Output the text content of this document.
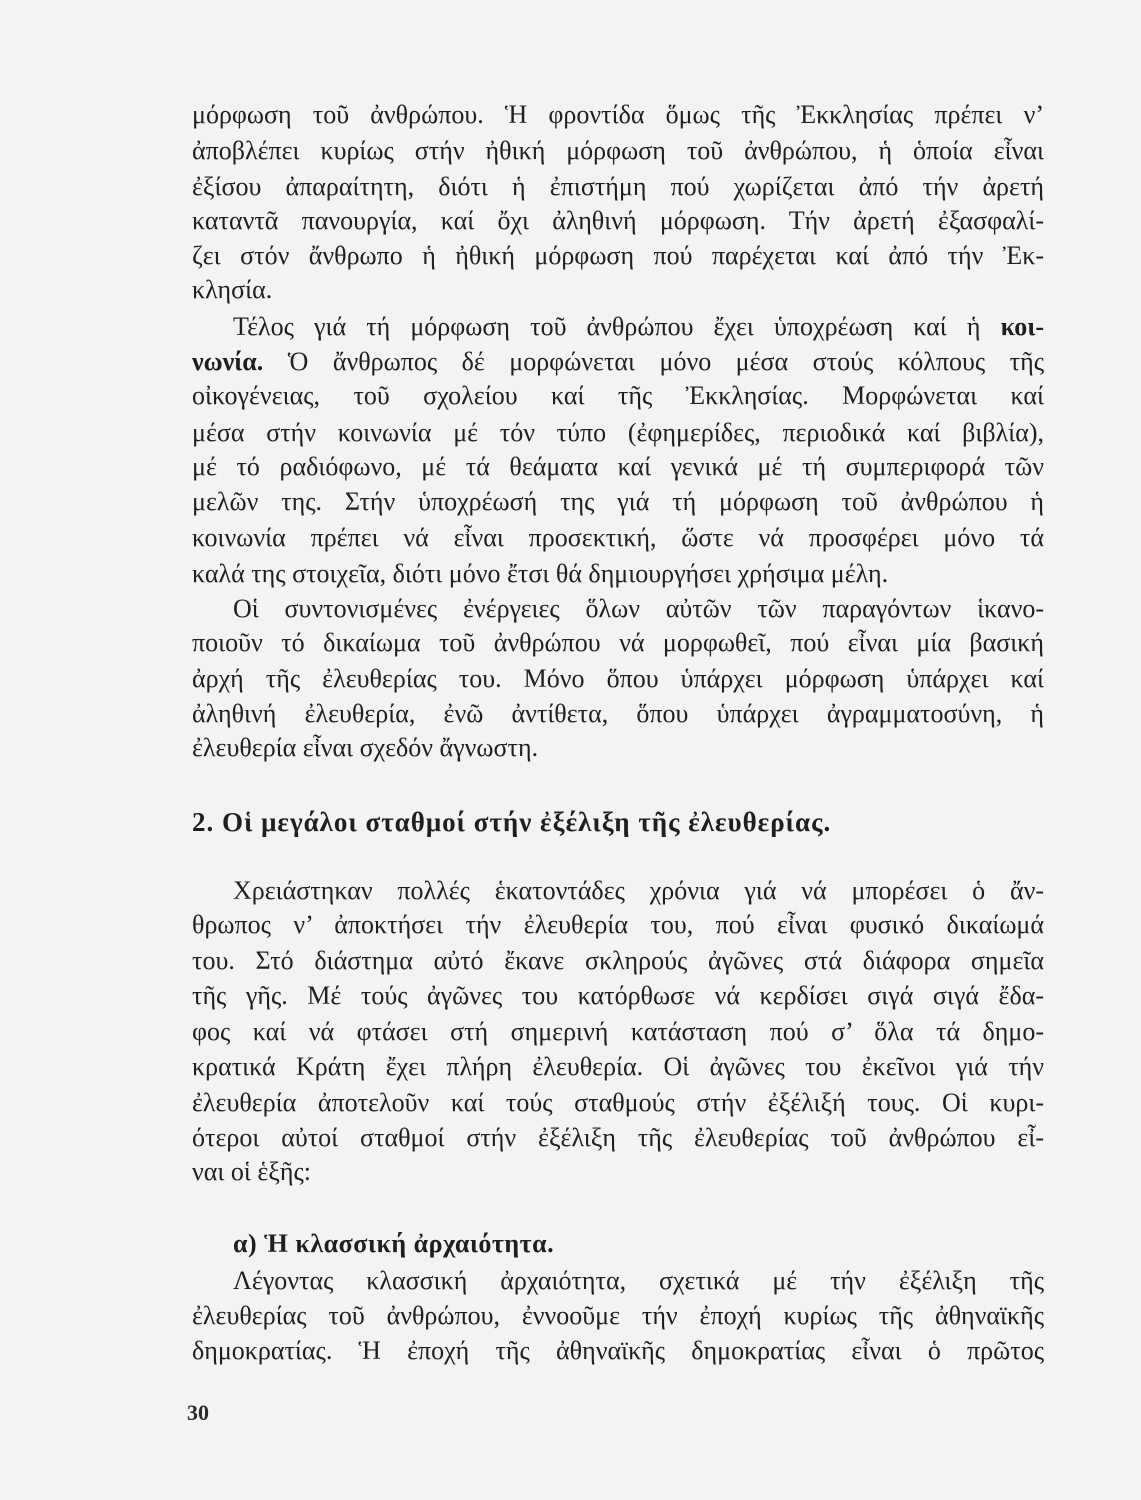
μόρφωση τοῦ ἀνθρώπου. Ἡ φροντίδα ὅμως τῆς Ἐκκλησίας πρέπει ν’
ἀποβλέπει κυρίως στήν ἠθική μόρφωση τοῦ ἀνθρώπου, ἡ ὁποία εἶναι
ἐξίσου ἀπαραίτητη, διότι ἡ ἐπιστήμη πού χωρίζεται ἀπό τήν ἀρετή
καταντᾶ πανουργία, καί ὄχι ἀληθινή μόρφωση. Τήν ἀρετή ἐξασφαλί-
ζει στόν ἄνθρωπο ἡ ἠθική μόρφωση πού παρέχεται καί ἀπό τήν Ἐκ-
κλησία.
Τέλος γιά τή μόρφωση τοῦ ἀνθρώπου ἔχει ὑποχρέωση καί ἡ κοι-
νωνία. Ὁ ἄνθρωπος δέ μορφώνεται μόνο μέσα στούς κόλπους τῆς
οἰκογένειας, τοῦ σχολείου καί τῆς Ἐκκλησίας. Μορφώνεται καί
μέσα στήν κοινωνία μέ τόν τύπο (ἐφημερίδες, περιοδικά καί βιβλία),
μέ τό ραδιόφωνο, μέ τά θεάματα καί γενικά μέ τή συμπεριφορά τῶν
μελῶν της. Στήν ὑποχρέωσή της γιά τή μόρφωση τοῦ ἀνθρώπου ἡ
κοινωνία πρέπει νά εἶναι προσεκτική, ὥστε νά προσφέρει μόνο τά
καλά της στοιχεῖα, διότι μόνο ἔτσι θά δημιουργήσει χρήσιμα μέλη.
Οἱ συντονισμένες ἐνέργειες ὅλων αὐτῶν τῶν παραγόντων ἱκανο-
ποιοῦν τό δικαίωμα τοῦ ἀνθρώπου νά μορφωθεῖ, πού εἶναι μία βασική
ἀρχή τῆς ἐλευθερίας του. Μόνο ὅπου ὑπάρχει μόρφωση ὑπάρχει καί
ἀληθινή ἐλευθερία, ἐνῶ ἀντίθετα, ὅπου ὑπάρχει ἀγραμματοσύνη, ἡ
ἐλευθερία εἶναι σχεδόν ἄγνωστη.
2. Οἱ μεγάλοι σταθμοί στήν ἐξέλιξη τῆς ἐλευθερίας.
Χρειάστηκαν πολλές ἑκατοντάδες χρόνια γιά νά μπορέσει ὁ ἄν-
θρωπος ν’ ἀποκτήσει τήν ἐλευθερία του, πού εἶναι φυσικό δικαίωμά
του. Στό διάστημα αὐτό ἔκανε σκληρούς ἀγῶνες στά διάφορα σημεῖα
τῆς γῆς. Μέ τούς ἀγῶνες του κατόρθωσε νά κερδίσει σιγά σιγά ἔδα-
φος καί νά φτάσει στή σημερινή κατάσταση πού σ’ ὅλα τά δημο-
κρατικά Κράτη ἔχει πλήρη ἐλευθερία. Οἱ ἀγῶνες του ἐκεῖνοι γιά τήν
ἐλευθερία ἀποτελοῦν καί τούς σταθμούς στήν ἐξέλιξή τους. Οἱ κυρι-
ότεροι αὐτοί σταθμοί στήν ἐξέλιξη τῆς ἐλευθερίας τοῦ ἀνθρώπου εἶ-
ναι οἱ ἑξῆς:
α) Ἡ κλασσική ἀρχαιότητα.
Λέγοντας κλασσική ἀρχαιότητα, σχετικά μέ τήν ἐξέλιξη τῆς
ἐλευθερίας τοῦ ἀνθρώπου, ἐννοοῦμε τήν ἐποχή κυρίως τῆς ἀθηναϊκῆς
δημοκρατίας. Ἡ ἐποχή τῆς ἀθηναϊκῆς δημοκρατίας εἶναι ὁ πρῶτος
30
